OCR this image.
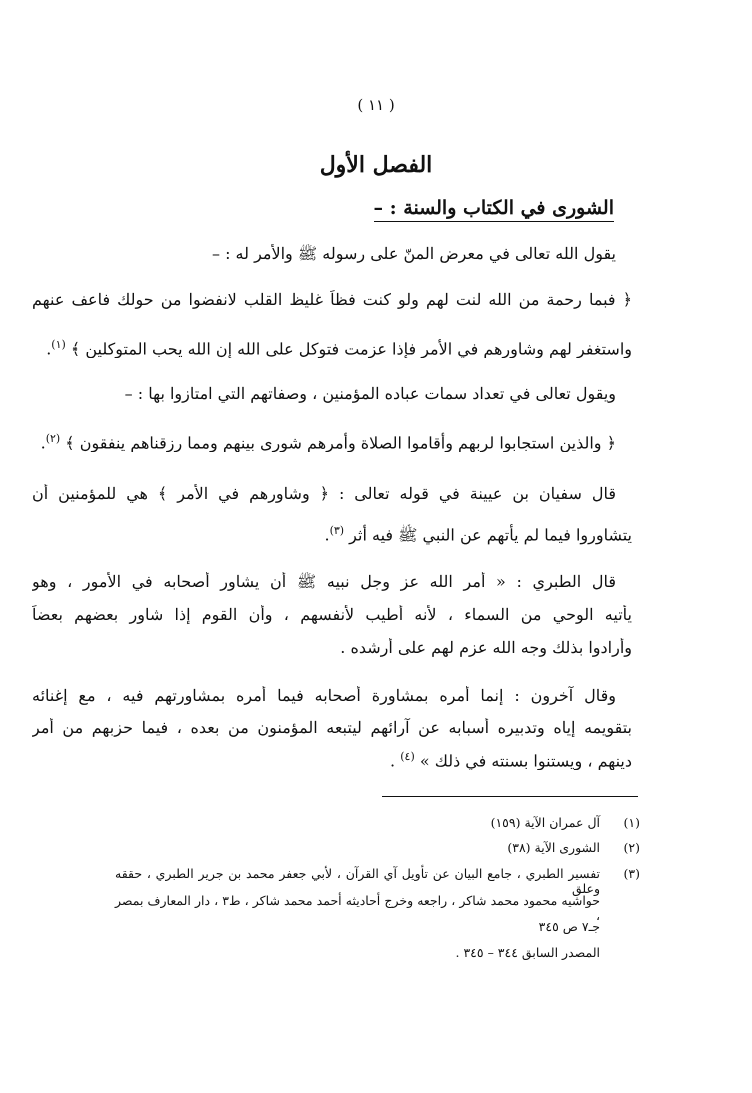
( ١١ )
الفصل الأول
الشورى في الكتاب والسنة : –
يقول الله تعالى في معرض المنّ على رسوله ﷺ والأمر له : –
﴿ فبما رحمة من الله لنت لهم ولو كنت فظاً غليظ القلب لانفضوا من حولك فاعف عنهم
واستغفر لهم وشاورهم في الأمر فإذا عزمت فتوكل على الله إن الله يحب المتوكلين ﴾ $^{(١)}$.
ويقول تعالى في تعداد سمات عباده المؤمنين ، وصفاتهم التي امتازوا بها : –
﴿ والذين استجابوا لربهم وأقاموا الصلاة وأمرهم شورى بينهم ومما رزقناهم ينفقون ﴾ $^{(٢)}$.
قال سفيان بن عيينة في قوله تعالى : ﴿ وشاورهم في الأمر ﴾ هي للمؤمنين أن
يتشاوروا فيما لم يأتهم عن النبي ﷺ فيه أثر $^{(٣)}$.
قال الطبري : « أمر الله عز وجل نبيه ﷺ أن يشاور أصحابه في الأمور ، وهو
يأتيه الوحي من السماء ، لأنه أطيب لأنفسهم ، وأن القوم إذا شاور بعضهم بعضاً
وأرادوا بذلك وجه الله عزم لهم على أرشده .
وقال آخرون : إنما أمره بمشاورة أصحابه فيما أمره بمشاورتهم فيه ، مع إغنائه
بتقويمه إياه وتدبيره أسبابه عن آرائهم ليتبعه المؤمنون من بعده ، فيما حزبهم من أمر
دينهم ، ويستنوا بسنته في ذلك » $^{(٤)}$ .
(١)
آل عمران الآية (١٥٩)
(٢)
الشورى الآية (٣٨)
(٣)
تفسير الطبري ، جامع البيان عن تأويل آي القرآن ، لأبي جعفر محمد بن جرير الطبري ، حققه وعلق
حواشيه محمود محمد شاكر ، راجعه وخرج أحاديثه أحمد محمد شاكر ، ط٣ ، دار المعارف بمصر ،
جـ٧ ص ٣٤٥
المصدر السابق ٣٤٤ – ٣٤٥ .
